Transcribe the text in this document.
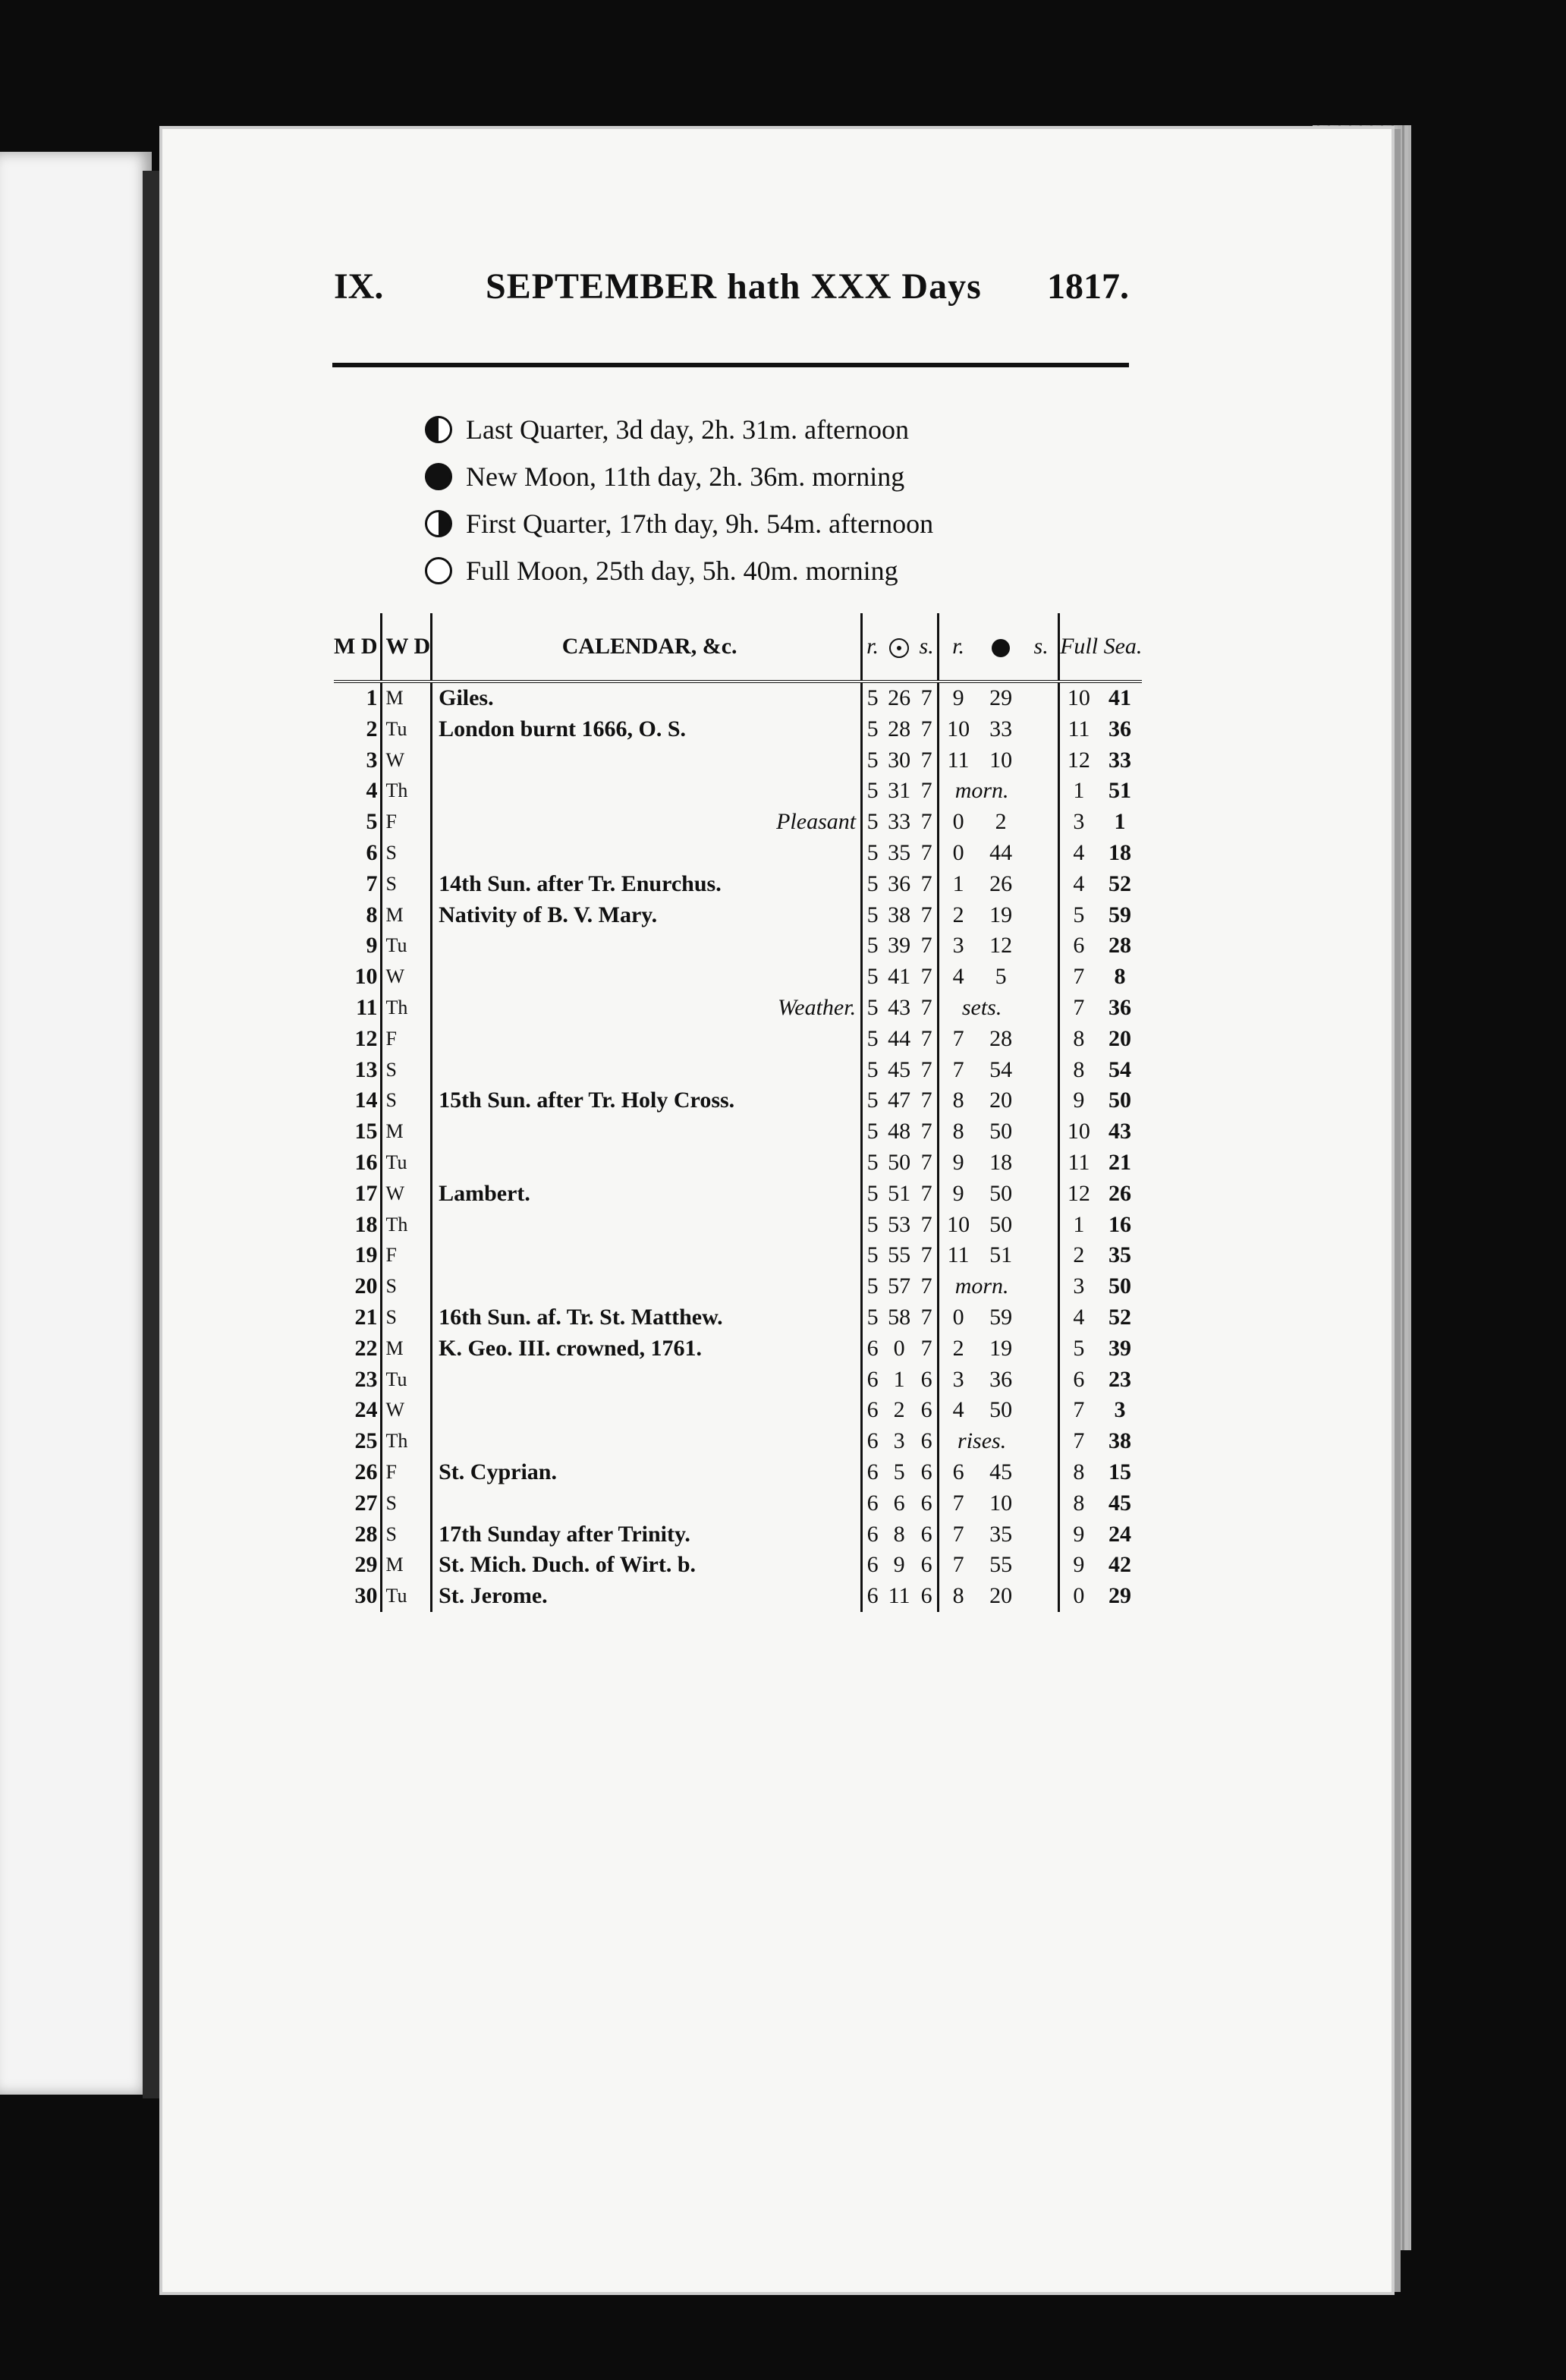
IX.	SEPTEMBER hath XXX Days 1817.
Last Quarter, 3d day, 2h. 31m. afternoon
New Moon, 11th day, 2h. 36m. morning
First Quarter, 17th day, 9h. 54m. afternoon
Full Moon, 25th day, 5h. 40m. morning
M D	W D	CALENDAR, &c.	r.		s.	r.		s.	Full Sea.	
1	M	Giles.	5	26	7	9	29		10	41
2	Tu	London burnt 1666, O. S.	5	28	7	10	33		11	36
3	W		5	30	7	11	10		12	33
4	Th		5	31	7	morn.			1	51
5	F	Pleasant	5	33	7	0	2		3	1
6	S		5	35	7	0	44		4	18
7	S	14th Sun. after Tr. Enurchus.	5	36	7	1	26		4	52
8	M	Nativity of B. V. Mary.	5	38	7	2	19		5	59
9	Tu		5	39	7	3	12		6	28
10	W		5	41	7	4	5		7	8
11	Th	Weather.	5	43	7	sets.			7	36
12	F		5	44	7	7	28		8	20
13	S		5	45	7	7	54		8	54
14	S	15th Sun. after Tr. Holy Cross.	5	47	7	8	20		9	50
15	M		5	48	7	8	50		10	43
16	Tu		5	50	7	9	18		11	21
17	W	Lambert.	5	51	7	9	50		12	26
18	Th		5	53	7	10	50		1	16
19	F		5	55	7	11	51		2	35
20	S		5	57	7	morn.			3	50
21	S	16th Sun. af. Tr. St. Matthew.	5	58	7	0	59		4	52
22	M	K. Geo. III. crowned, 1761.	6	0	7	2	19		5	39
23	Tu		6	1	6	3	36		6	23
24	W		6	2	6	4	50		7	3
25	Th		6	3	6	rises.			7	38
26	F	St. Cyprian.	6	5	6	6	45		8	15
27	S		6	6	6	7	10		8	45
28	S	17th Sunday after Trinity.	6	8	6	7	35		9	24
29	M	St. Mich. Duch. of Wirt. b.	6	9	6	7	55		9	42
30	Tu	St. Jerome.	6	11	6	8	20		0	29
